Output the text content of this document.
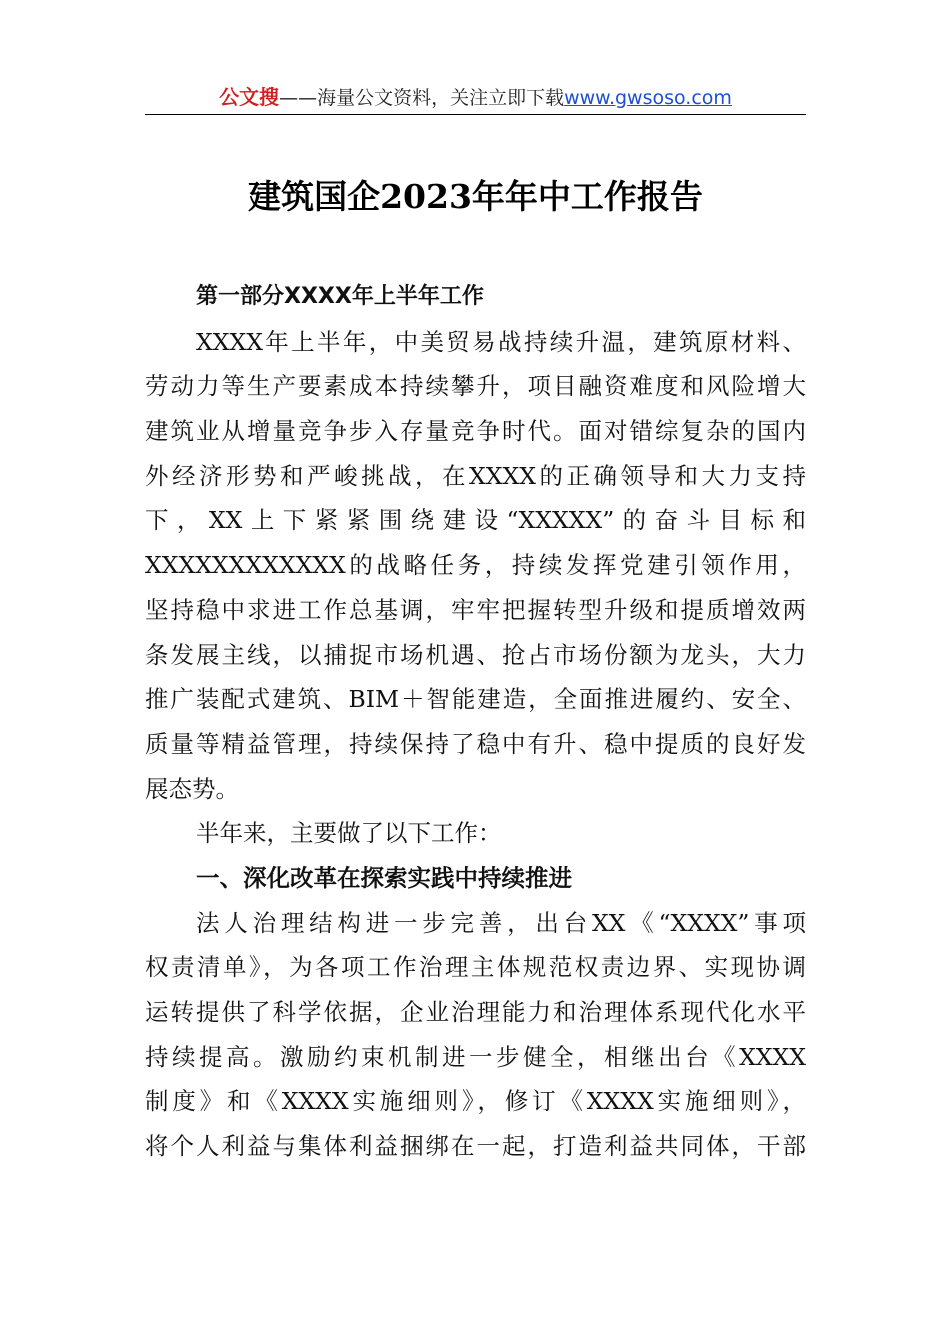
公文搜——海量公文资料，关注立即下载www.gwsoso.com
建筑国企2023年年中工作报告
第一部分XXXX年上半年工作
XXXX年上半年，中美贸易战持续升温，建筑原材料、
劳动力等生产要素成本持续攀升，项目融资难度和风险增大
建筑业从增量竞争步入存量竞争时代。面对错综复杂的国内
外经济形势和严峻挑战，在XXXX的正确领导和大力支持
下，XX上下紧紧围绕建设“XXXXX”的奋斗目标和
XXXXXXXXXXXX的战略任务，持续发挥党建引领作用，
坚持稳中求进工作总基调，牢牢把握转型升级和提质增效两
条发展主线，以捕捉市场机遇、抢占市场份额为龙头，大力
推广装配式建筑、BIM＋智能建造，全面推进履约、安全、
质量等精益管理，持续保持了稳中有升、稳中提质的良好发
展态势。
半年来，主要做了以下工作：
一、深化改革在探索实践中持续推进
法人治理结构进一步完善，出台XX《“XXXX”事项
权责清单》，为各项工作治理主体规范权责边界、实现协调
运转提供了科学依据，企业治理能力和治理体系现代化水平
持续提高。激励约束机制进一步健全，相继出台《XXXX
制度》和《XXXX实施细则》，修订《XXXX实施细则》，
将个人利益与集体利益捆绑在一起，打造利益共同体，干部
